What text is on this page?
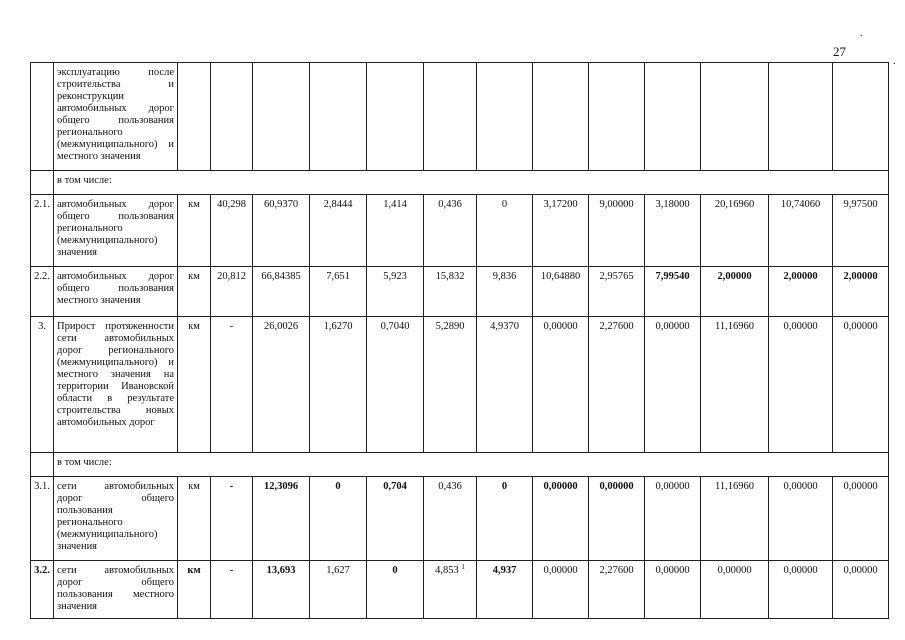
.
27
.
	эксплуатацию после строительства и реконструкции автомобильных дорог общего пользования регионального (межмуниципального) и местного значения													
	в том числе:													
2.1.	автомобильных дорог общего пользования регионального (межмуниципального) значения	км	40,298	60,9370	2,8444	1,414	0,436	0	3,17200	9,00000	3,18000	20,16960	10,74060	9,97500
2.2.	автомобильных дорог общего пользования местного значения	км	20,812	66,84385	7,651	5,923	15,832	9,836	10,64880	2,95765	7,99540	2,00000	2,00000	2,00000
3.	Прирост протяженности сети автомобильных дорог регионального (межмуниципального) и местного значения на территории Ивановской области в результате строительства новых автомобильных дорог	км	-	26,0026	1,6270	0,7040	5,2890	4,9370	0,00000	2,27600	0,00000	11,16960	0,00000	0,00000
	в том числе:													
3.1.	сети автомобильных дорог общего пользования регионального (межмуниципального) значения	км	-	12,3096	0	0,704	0,436	0	0,00000	0,00000	0,00000	11,16960	0,00000	0,00000
3.2.	сети автомобильных дорог общего пользования местного значения	км	-	13,693	1,627	0	4,853 $^1$	4,937	0,00000	2,27600	0,00000	0,00000	0,00000	0,00000
